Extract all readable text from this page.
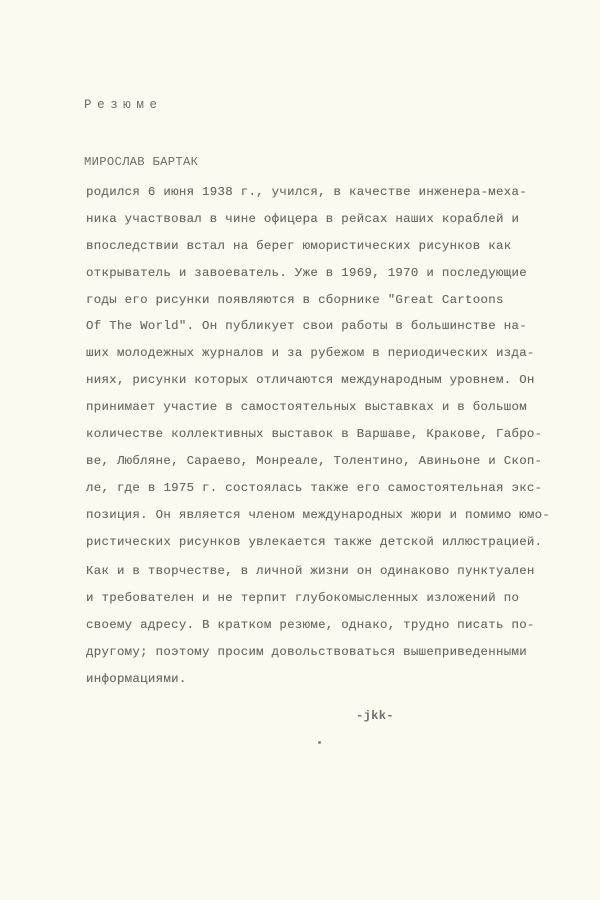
Резюме
МИРОСЛАВ БАРТАК
родился 6 июня 1938 г., учился, в качестве инженера-меха-
ника участвовал в чине офицера в рейсах наших кораблей и
впоследствии встал на берег юмористических рисунков как
открыватель и завоеватель. Уже в 1969, 1970 и последующие
годы его рисунки появляются в сборнике "Great Cartoons
Of The World". Он публикует свои работы в большинстве на-
ших молодежных журналов и за рубежом в периодических изда-
ниях, рисунки которых отличаются международным уровнем. Он
принимает участие в самостоятельных выставках и в большом
количестве коллективных выставок в Варшаве, Кракове, Габро-
ве, Любляне, Сараево, Монреале, Толентино, Авиньоне и Скоп-
ле, где в 1975 г. состоялась также его самостоятельная экс-
позиция. Он является членом международных жюри и помимо юмо-
ристических рисунков увлекается также детской иллюстрацией.
Как и в творчестве, в личной жизни он одинаково пунктуален
и требователен и не терпит глубокомысленных изложений по
своему адресу. В кратком резюме, однако, трудно писать по-
другому; поэтому просим довольствоваться вышеприведенными
информациями.
-jkk-
